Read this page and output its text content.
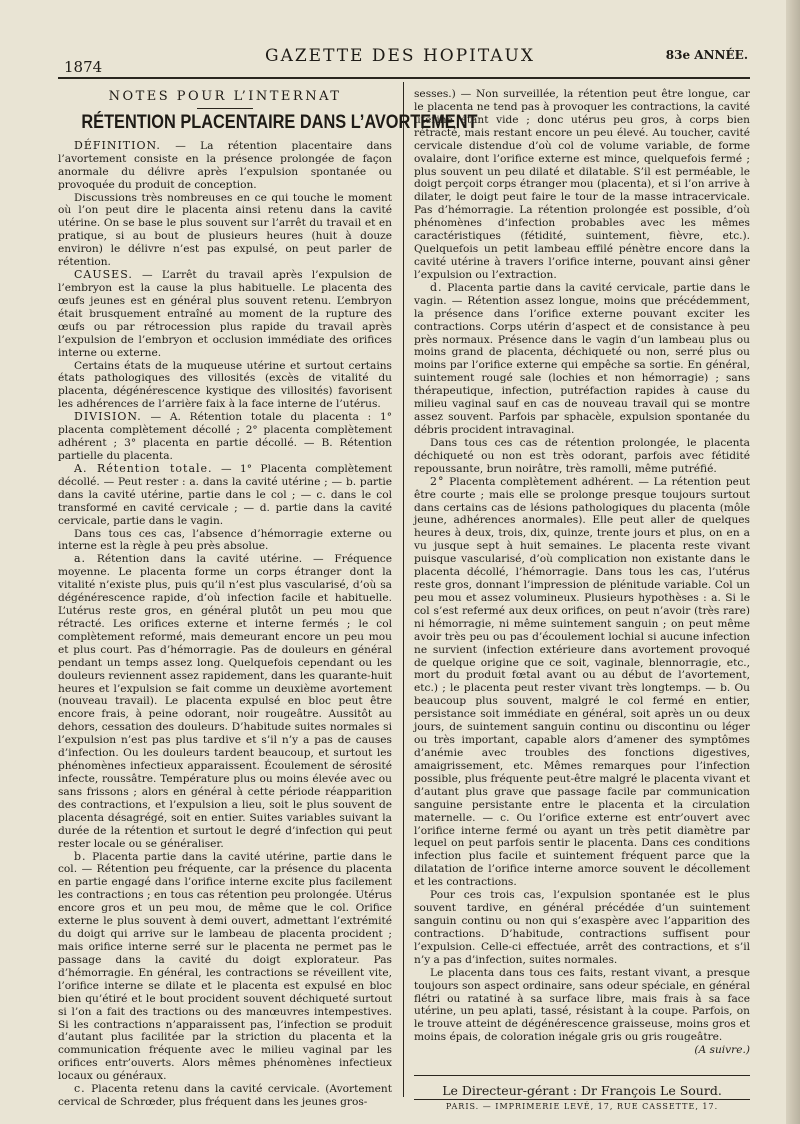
1874
GAZETTE DES HOPITAUX	83e ANNÉE.

NOTES POUR L’INTERNAT

RÉTENTION PLACENTAIRE DANS L’AVORTEMENT

DÉFINITION. — La rétention placentaire dans l’avortement consiste en la présence prolongée de façon anormale du délivre après l’expulsion spontanée ou provoquée du produit de conception.

Discussions très nombreuses en ce qui touche le moment où l’on peut dire le placenta ainsi retenu dans la cavité utérine. On se base le plus souvent sur l’arrêt du travail et en pratique, si au bout de plusieurs heures (huit à douze environ) le délivre n’est pas expulsé, on peut parler de rétention.

CAUSES. — L’arrêt du travail après l’expulsion de l’embryon est la cause la plus habituelle. Le placenta des œufs jeunes est en général plus souvent retenu. L’embryon était brusquement entraîné au moment de la rupture des œufs ou par rétrocession plus rapide du travail après l’expulsion de l’embryon et occlusion immédiate des orifices interne ou externe.

Certains états de la muqueuse utérine et surtout certains états pathologiques des villosités (excès de vitalité du placenta, dégénérescence kystique des villosités) favorisent les adhérences de l’arrière faix à la face interne de l’utérus.

DIVISION. — A. Rétention totale du placenta : 1° placenta complètement décollé ; 2° placenta complètement adhérent ; 3° placenta en partie décollé. — B. Rétention partielle du placenta.

A. Rétention totale. — 1° Placenta complètement décollé. — Peut rester : a. dans la cavité utérine ; — b. partie dans la cavité utérine, partie dans le col ; — c. dans le col transformé en cavité cervicale ; — d. partie dans la cavité cervicale, partie dans le vagin.

Dans tous ces cas, l’absence d’hémorragie externe ou interne est la règle à peu près absolue.

a. Rétention dans la cavité utérine. — Fréquence moyenne. Le placenta forme un corps étranger dont la vitalité n’existe plus, puis qu’il n’est plus vascularisé, d’où sa dégénérescence rapide, d’où infection facile et habituelle. L’utérus reste gros, en général plutôt un peu mou que rétracté. Les orifices externe et interne fermés ; le col complètement reformé, mais demeurant encore un peu mou et plus court. Pas d’hémorragie. Pas de douleurs en général pendant un temps assez long. Quelquefois cependant ou les douleurs reviennent assez rapidement, dans les quarante-huit heures et l’expulsion se fait comme un deuxième avortement (nouveau travail). Le placenta expulsé en bloc peut être encore frais, à peine odorant, noir rougeâtre. Aussitôt au dehors, cessation des douleurs. D’habitude suites normales si l’expulsion n’est pas plus tardive et s’il n’y a pas de causes d’infection. Ou les douleurs tardent beaucoup, et surtout les phénomènes infectieux apparaissent. Écoulement de sérosité infecte, roussâtre. Température plus ou moins élevée avec ou sans frissons ; alors en général à cette période réapparition des contractions, et l’expulsion a lieu, soit le plus souvent de placenta désagrégé, soit en entier. Suites variables suivant la durée de la rétention et surtout le degré d’infection qui peut rester locale ou se généraliser.

b. Placenta partie dans la cavité utérine, partie dans le col. — Rétention peu fréquente, car la présence du placenta en partie engagé dans l’orifice interne excite plus facilement les contractions ; en tous cas rétention peu prolongée. Utérus encore gros et un peu mou, de même que le col. Orifice externe le plus souvent à demi ouvert, admettant l’extrémité du doigt qui arrive sur le lambeau de placenta procident ; mais orifice interne serré sur le placenta ne permet pas le passage dans la cavité du doigt explorateur. Pas d’hémorragie. En général, les contractions se réveillent vite, l’orifice interne se dilate et le placenta est expulsé en bloc bien qu’étiré et le bout procident souvent déchiqueté surtout si l’on a fait des tractions ou des manœuvres intempestives. Si les contractions n’apparaissent pas, l’infection se produit d’autant plus facilitée par la striction du placenta et la communication fréquente avec le milieu vaginal par les orifices entr’ouverts. Alors mêmes phénomènes infectieux locaux ou généraux.

c. Placenta retenu dans la cavité cervicale. (Avortement cervical de Schrœder, plus fréquent dans les jeunes gros-

sesses.) — Non surveillée, la rétention peut être longue, car le placenta ne tend pas à provoquer les contractions, la cavité utérine étant vide ; donc utérus peu gros, à corps bien rétracté, mais restant encore un peu élevé. Au toucher, cavité cervicale distendue d’où col de volume variable, de forme ovalaire, dont l’orifice externe est mince, quelquefois fermé ; plus souvent un peu dilaté et dilatable. S’il est perméable, le doigt perçoit corps étranger mou (placenta), et si l’on arrive à dilater, le doigt peut faire le tour de la masse intracervicale. Pas d’hémorragie. La rétention prolongée est possible, d’où phénomènes d’infection probables avec les mêmes caractéristiques (fétidité, suintement, fièvre, etc.). Quelquefois un petit lambeau effilé pénètre encore dans la cavité utérine à travers l’orifice interne, pouvant ainsi gêner l’expulsion ou l’extraction.

d. Placenta partie dans la cavité cervicale, partie dans le vagin. — Rétention assez longue, moins que précédemment, la présence dans l’orifice externe pouvant exciter les contractions. Corps utérin d’aspect et de consistance à peu près normaux. Présence dans le vagin d’un lambeau plus ou moins grand de placenta, déchiqueté ou non, serré plus ou moins par l’orifice externe qui empêche sa sortie. En général, suintement rougé sale (lochies et non hémorragie) ; sans thérapeutique, infection, putréfaction rapides à cause du milieu vaginal sauf en cas de nouveau travail qui se montre assez souvent. Parfois par sphacèle, expulsion spontanée du débris procident intravaginal.

Dans tous ces cas de rétention prolongée, le placenta déchiqueté ou non est très odorant, parfois avec fétidité repoussante, brun noirâtre, très ramolli, même putréfié.

2° Placenta complètement adhérent. — La rétention peut être courte ; mais elle se prolonge presque toujours surtout dans certains cas de lésions pathologiques du placenta (môle jeune, adhérences anormales). Elle peut aller de quelques heures à deux, trois, dix, quinze, trente jours et plus, on en a vu jusque sept à huit semaines. Le placenta reste vivant puisque vascularisé, d’où complication non existante dans le placenta décollé, l’hémorragie. Dans tous les cas, l’utérus reste gros, donnant l’impression de plénitude variable. Col un peu mou et assez volumineux. Plusieurs hypothèses : a. Si le col s’est refermé aux deux orifices, on peut n’avoir (très rare) ni hémorragie, ni même suintement sanguin ; on peut même avoir très peu ou pas d’écoulement lochial si aucune infection ne survient (infection extérieure dans avortement provoqué de quelque origine que ce soit, vaginale, blennorragie, etc., mort du produit fœtal avant ou au début de l’avortement, etc.) ; le placenta peut rester vivant très longtemps. — b. Ou beaucoup plus souvent, malgré le col fermé en entier, persistance soit immédiate en général, soit après un ou deux jours, de suintement sanguin continu ou discontinu ou léger ou très important, capable alors d’amener des symptômes d’anémie avec troubles des fonctions digestives, amaigrissement, etc. Mêmes remarques pour l’infection possible, plus fréquente peut-être malgré le placenta vivant et d’autant plus grave que passage facile par communication sanguine persistante entre le placenta et la circulation maternelle. — c. Ou l’orifice externe est entr’ouvert avec l’orifice interne fermé ou ayant un très petit diamètre par lequel on peut parfois sentir le placenta. Dans ces conditions infection plus facile et suintement fréquent parce que la dilatation de l’orifice interne amorce souvent le décollement et les contractions.

Pour ces trois cas, l’expulsion spontanée est le plus souvent tardive, en général précédée d’un suintement sanguin continu ou non qui s’exaspère avec l’apparition des contractions. D’habitude, contractions suffisent pour l’expulsion. Celle-ci effectuée, arrêt des contractions, et s’il n’y a pas d’infection, suites normales.

Le placenta dans tous ces faits, restant vivant, a presque toujours son aspect ordinaire, sans odeur spéciale, en général flétri ou ratatiné à sa surface libre, mais frais à sa face utérine, un peu aplati, tassé, résistant à la coupe. Parfois, on le trouve atteint de dégénérescence graisseuse, moins gros et moins épais, de coloration inégale gris ou gris rougeâtre.

(A suivre.)

Le Directeur-gérant : Dr François Le Sourd.
PARIS. — IMPRIMERIE LEVÉ, 17, RUE CASSETTE, 17.
